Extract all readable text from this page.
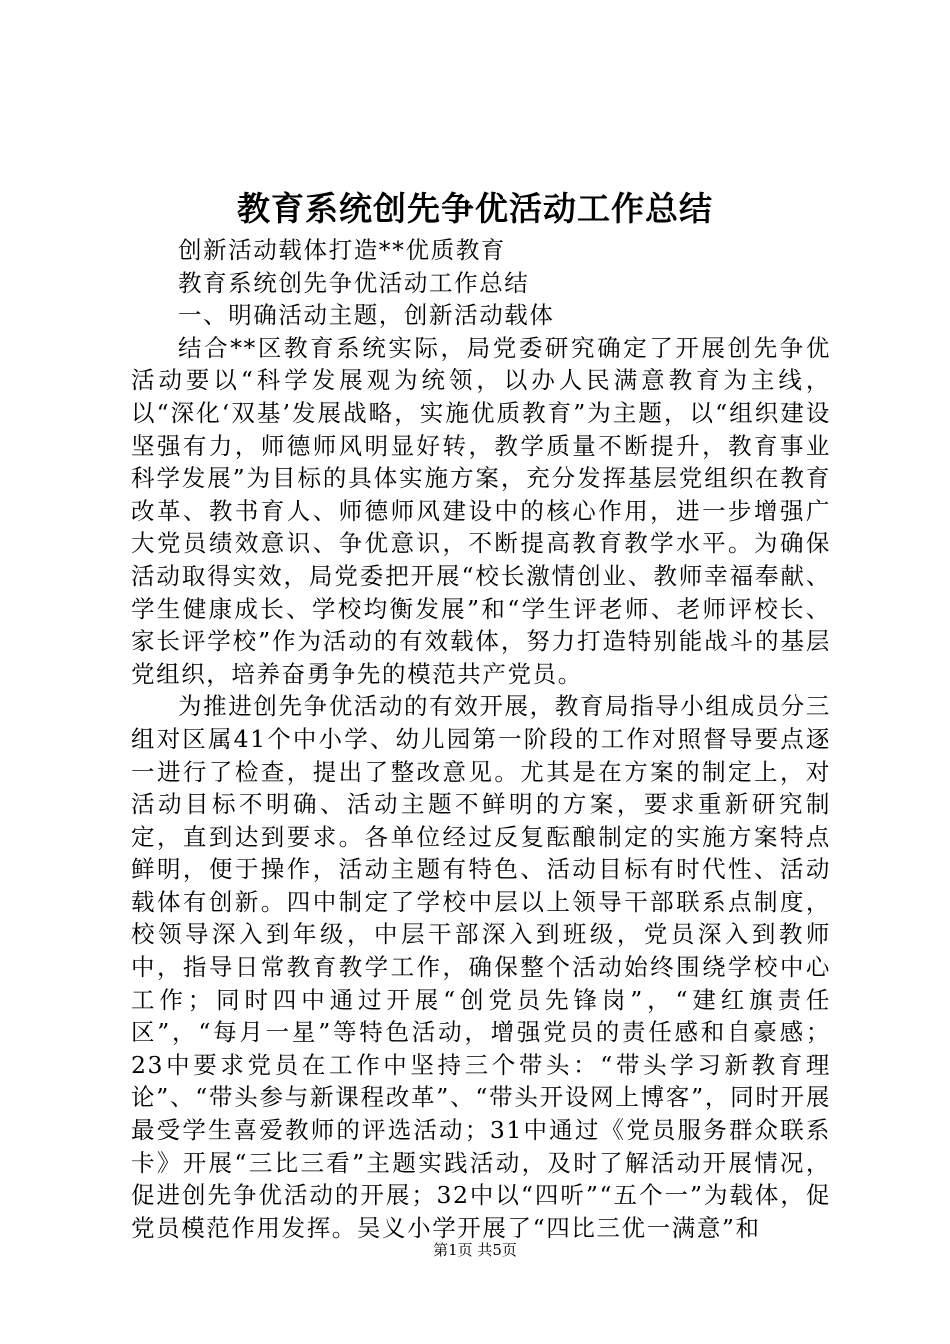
教育系统创先争优活动工作总结

创新活动载体打造**优质教育

教育系统创先争优活动工作总结

一、明确活动主题，创新活动载体

结合**区教育系统实际，局党委研究确定了开展创先争优活动要以“科学发展观为统领，以办人民满意教育为主线，以“深化‘双基’发展战略，实施优质教育”为主题，以“组织建设坚强有力，师德师风明显好转，教学质量不断提升，教育事业科学发展”为目标的具体实施方案，充分发挥基层党组织在教育改革、教书育人、师德师风建设中的核心作用，进一步增强广大党员绩效意识、争优意识，不断提高教育教学水平。为确保活动取得实效，局党委把开展“校长激情创业、教师幸福奉献、学生健康成长、学校均衡发展”和“学生评老师、老师评校长、家长评学校”作为活动的有效载体，努力打造特别能战斗的基层党组织，培养奋勇争先的模范共产党员。

为推进创先争优活动的有效开展，教育局指导小组成员分三组对区属41个中小学、幼儿园第一阶段的工作对照督导要点逐一进行了检查，提出了整改意见。尤其是在方案的制定上，对活动目标不明确、活动主题不鲜明的方案，要求重新研究制定，直到达到要求。各单位经过反复酝酿制定的实施方案特点鲜明，便于操作，活动主题有特色、活动目标有时代性、活动载体有创新。四中制定了学校中层以上领导干部联系点制度，校领导深入到年级，中层干部深入到班级，党员深入到教师中，指导日常教育教学工作，确保整个活动始终围绕学校中心工作；同时四中通过开展“创党员先锋岗”，“建红旗责任区”，“每月一星”等特色活动，增强党员的责任感和自豪感；23中要求党员在工作中坚持三个带头：“带头学习新教育理论”、“带头参与新课程改革”、“带头开设网上博客”，同时开展最受学生喜爱教师的评选活动；31中通过《党员服务群众联系卡》开展“三比三看”主题实践活动，及时了解活动开展情况，促进创先争优活动的开展；32中以“四听”“五个一”为载体，促党员模范作用发挥。吴义小学开展了“四比三优一满意”和

第1页 共5页
